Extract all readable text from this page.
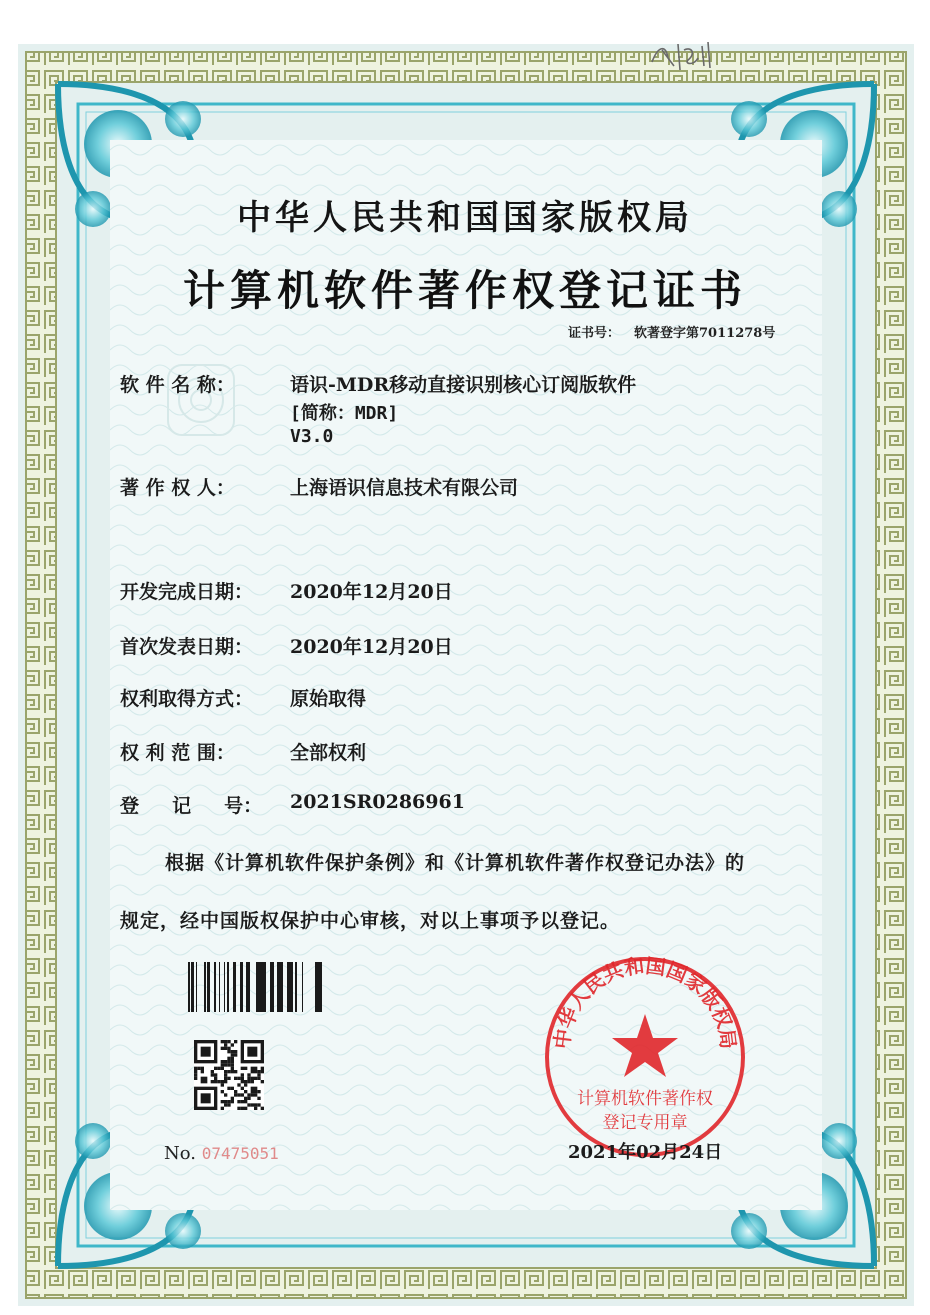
中华人民共和国国家版权局
计算机软件著作权登记证书
证书号： 软著登字第7011278号
软 件 名 称：	语识-MDR移动直接识别核心订阅版软件
[简称：MDR]
V3.0
著 作 权 人：	上海语识信息技术有限公司
开发完成日期： 2020年12月20日
首次发表日期： 2020年12月20日
权利取得方式： 原始取得
权 利 范 围：	全部权利
登     记     号： 2021SR0286961
根据《计算机软件保护条例》和《计算机软件著作权登记办法》的
规定，经中国版权保护中心审核，对以上事项予以登记。
No. 07475051
中华人民共和国国家版权局
计算机软件著作权
登记专用章
2021年02月24日
